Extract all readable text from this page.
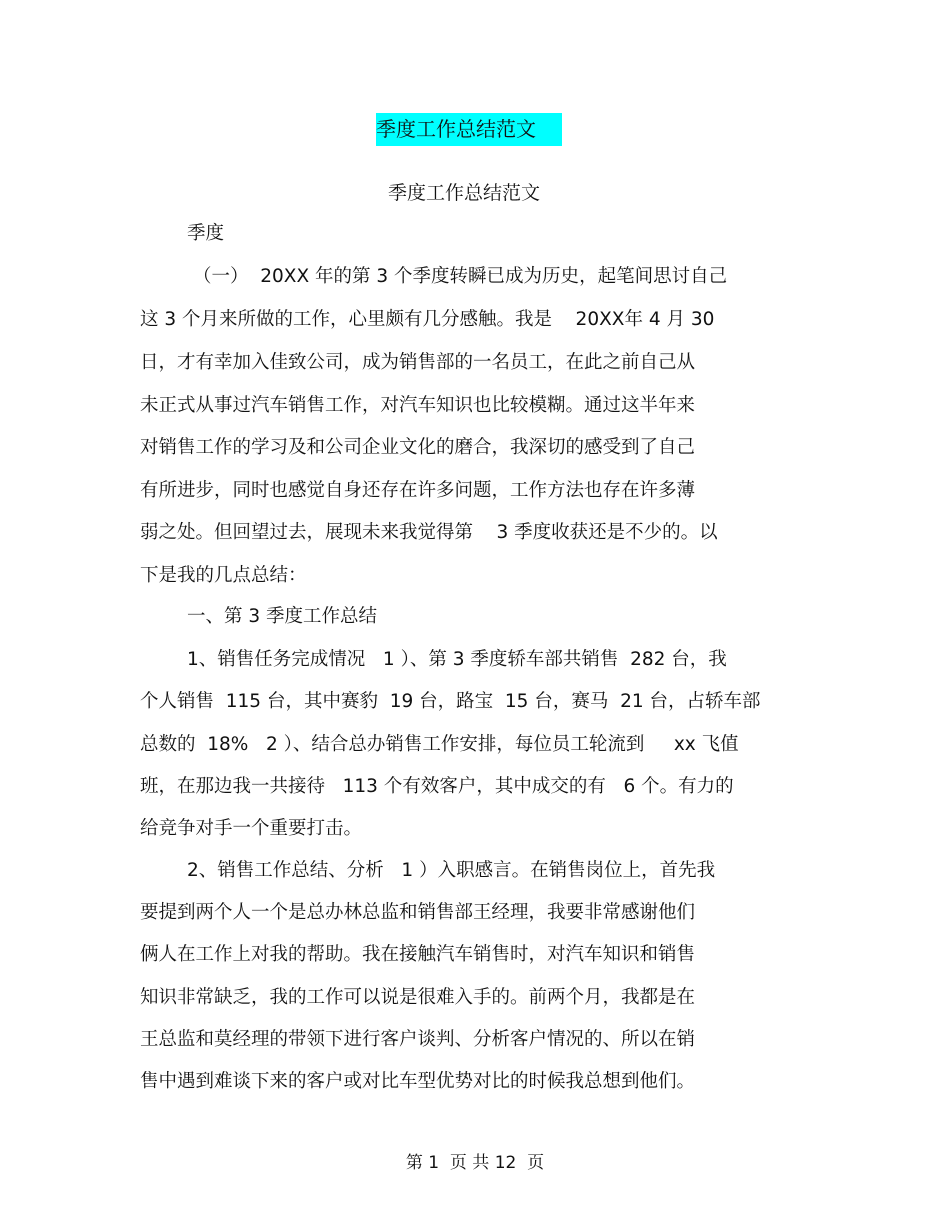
季度工作总结范文
季度工作总结范文
季度
（一）  20XX 年的第 3 个季度转瞬已成为历史，起笔间思讨自己
这 3 个月来所做的工作，心里颇有几分感触。我是    20XX年 4 月 30
日，才有幸加入佳致公司，成为销售部的一名员工，在此之前自己从
未正式从事过汽车销售工作，对汽车知识也比较模糊。通过这半年来
对销售工作的学习及和公司企业文化的磨合，我深切的感受到了自己
有所进步，同时也感觉自身还存在许多问题，工作方法也存在许多薄
弱之处。但回望过去，展现未来我觉得第    3 季度收获还是不少的。以
下是我的几点总结：
一、第 3 季度工作总结
1、销售任务完成情况   1 ）、第 3 季度轿车部共销售  282 台，我
个人销售  115 台，其中赛豹  19 台，路宝  15 台，赛马  21 台，占轿车部
总数的  18%   2 ）、结合总办销售工作安排，每位员工轮流到     xx 飞值
班，在那边我一共接待   113 个有效客户，其中成交的有   6 个。有力的
给竞争对手一个重要打击。
2、销售工作总结、分析   1 ）入职感言。在销售岗位上，首先我
要提到两个人一个是总办林总监和销售部王经理，我要非常感谢他们
俩人在工作上对我的帮助。我在接触汽车销售时，对汽车知识和销售
知识非常缺乏，我的工作可以说是很难入手的。前两个月，我都是在
王总监和莫经理的带领下进行客户谈判、分析客户情况的、所以在销
售中遇到难谈下来的客户或对比车型优势对比的时候我总想到他们。
第 1  页 共 12  页
